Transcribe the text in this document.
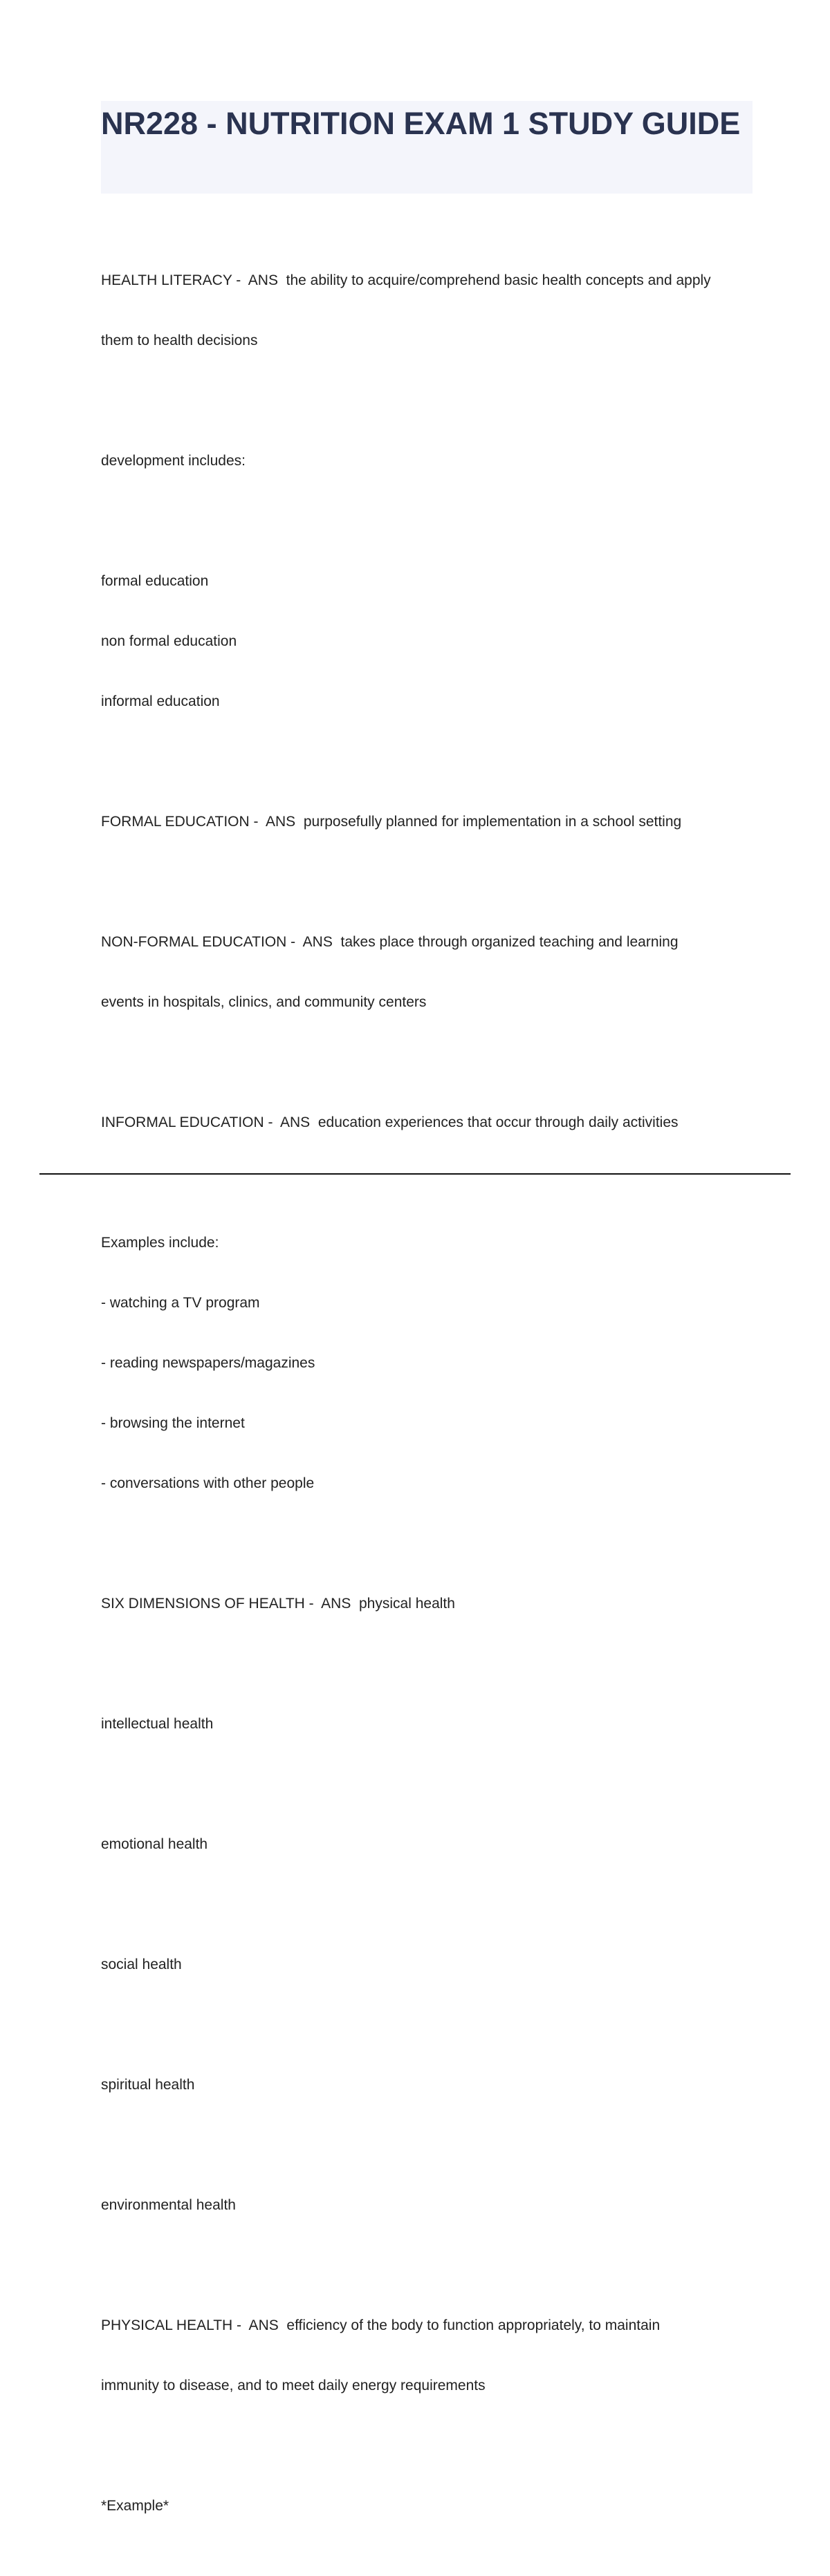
NR228 - NUTRITION EXAM 1 STUDY GUIDE

HEALTH LITERACY -  ANS  the ability to acquire/comprehend basic health concepts and apply

them to health decisions

development includes:

formal education

non formal education

informal education

FORMAL EDUCATION -  ANS  purposefully planned for implementation in a school setting

NON-FORMAL EDUCATION -  ANS  takes place through organized teaching and learning

events in hospitals, clinics, and community centers

INFORMAL EDUCATION -  ANS  education experiences that occur through daily activities

Examples include:

- watching a TV program

- reading newspapers/magazines

- browsing the internet

- conversations with other people

SIX DIMENSIONS OF HEALTH -  ANS  physical health

intellectual health

emotional health

social health

spiritual health

environmental health

PHYSICAL HEALTH -  ANS  efficiency of the body to function appropriately, to maintain

immunity to disease, and to meet daily energy requirements

*Example*
